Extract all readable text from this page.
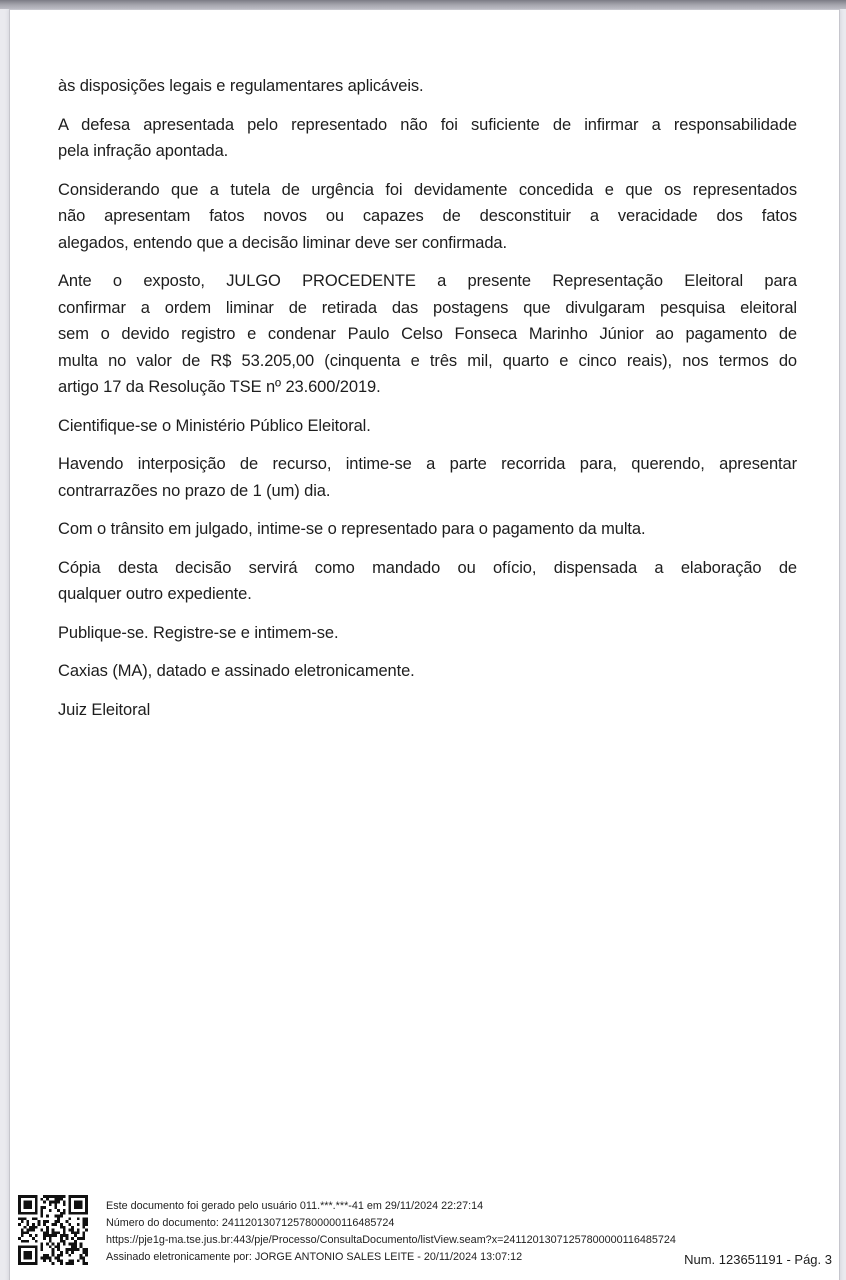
às disposições legais e regulamentares aplicáveis.
A defesa apresentada pelo representado não foi suficiente de infirmar a responsabilidade
pela infração apontada.
Considerando que a tutela de urgência foi devidamente concedida e que os representados
não apresentam fatos novos ou capazes de desconstituir a veracidade dos fatos
alegados, entendo que a decisão liminar deve ser confirmada.
Ante o exposto, JULGO PROCEDENTE a presente Representação Eleitoral para
confirmar a ordem liminar de retirada das postagens que divulgaram pesquisa eleitoral
sem o devido registro e condenar Paulo Celso Fonseca Marinho Júnior ao pagamento de
multa no valor de R$ 53.205,00 (cinquenta e três mil, quarto e cinco reais), nos termos do
artigo 17 da Resolução TSE nº 23.600/2019.
Cientifique-se o Ministério Público Eleitoral.
Havendo interposição de recurso, intime-se a parte recorrida para, querendo, apresentar
contrarrazões no prazo de 1 (um) dia.
Com o trânsito em julgado, intime-se o representado para o pagamento da multa.
Cópia desta decisão servirá como mandado ou ofício, dispensada a elaboração de
qualquer outro expediente.
Publique-se. Registre-se e intimem-se.
Caxias (MA), datado e assinado eletronicamente.
Juiz Eleitoral
Este documento foi gerado pelo usuário 011.***.***-41 em 29/11/2024 22:27:14
Número do documento: 24112013071257800000116485724
https://pje1g-ma.tse.jus.br:443/pje/Processo/ConsultaDocumento/listView.seam?x=24112013071257800000116485724
Assinado eletronicamente por: JORGE ANTONIO SALES LEITE - 20/11/2024 13:07:12	Num. 123651191 - Pág. 3
